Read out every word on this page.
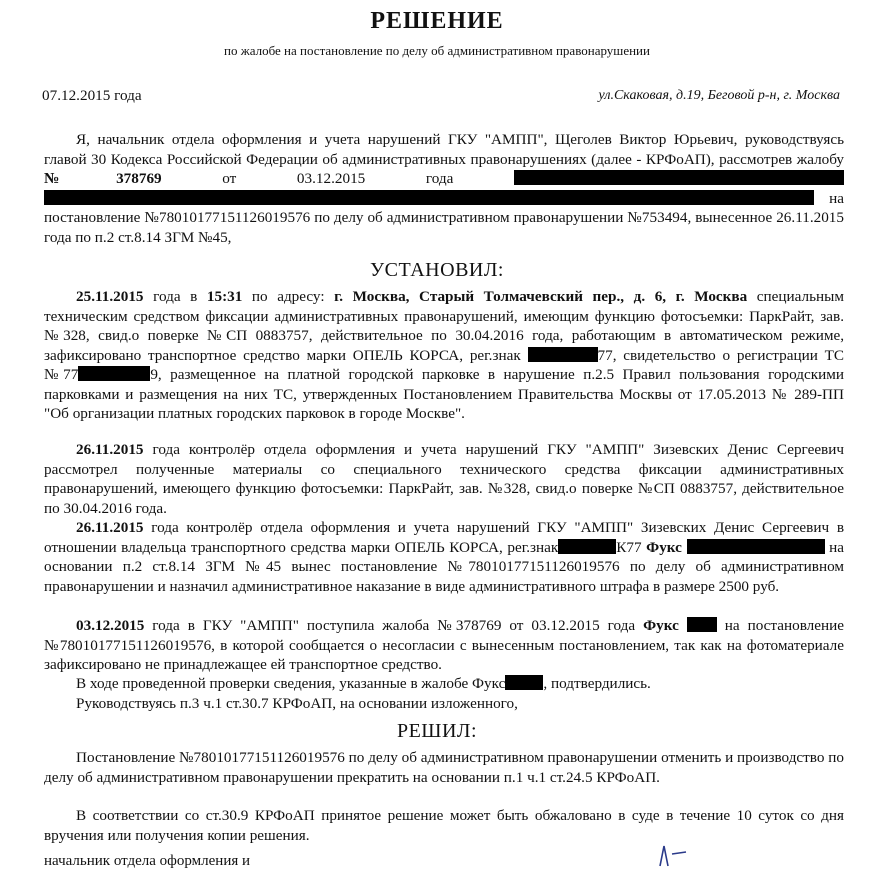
РЕШЕНИЕ
по жалобе на постановление по делу об административном правонарушении
07.12.2015 года	ул.Скаковая, д.19, Беговой р-н, г. Москва
Я, начальник отдела оформления и учета нарушений ГКУ "АМПП", Щеголев Виктор Юрьевич, руководствуясь главой 30 Кодекса Российской Федерации об административных правонарушениях (далее - КРФоАП), рассмотрев жалобу №378769 от 03.12.2015 года  на постановление №78010177151126019576 по делу об административном правонарушении №753494, вынесенное 26.11.2015 года по п.2 ст.8.14 ЗГМ №45,
УСТАНОВИЛ:
25.11.2015 года в 15:31 по адресу: г. Москва, Старый Толмачевский пер., д. 6, г. Москва специальным техническим средством фиксации административных правонарушений, имеющим функцию фотосъемки: ПаркРайт, зав. №328, свид.о поверке №СП 0883757, действительное по 30.04.2016 года, работающим в автоматическом режиме, зафиксировано транспортное средство марки ОПЕЛЬ КОРСА, рег.знак	77, свидетельство о регистрации ТС №77	9, размещенное на платной городской парковке в нарушение п.2.5 Правил пользования городскими парковками и размещения на них ТС, утвержденных Постановлением Правительства Москвы от 17.05.2013 № 289-ПП "Об организации платных городских парковок в городе Москве".
26.11.2015 года контролёр отдела оформления и учета нарушений ГКУ "АМПП" Зизевских Денис Сергеевич рассмотрел полученные материалы со специального технического средства фиксации административных правонарушений, имеющего функцию фотосъемки: ПаркРайт, зав. №328, свид.о поверке №СП 0883757, действительное по 30.04.2016 года.
26.11.2015 года контролёр отдела оформления и учета нарушений ГКУ "АМПП" Зизевских Денис Сергеевич в отношении владельца транспортного средства марки ОПЕЛЬ КОРСА, рег.знак	К77 Фукс	на основании п.2 ст.8.14 ЗГМ №45 вынес постановление №78010177151126019576 по делу об административном правонарушении и назначил административное наказание в виде административного штрафа в размере 2500 руб.
03.12.2015 года в ГКУ "АМПП" поступила жалоба №378769 от 03.12.2015 года Фукс  на постановление №78010177151126019576, в которой сообщается о несогласии с вынесенным постановлением, так как на фотоматериале зафиксировано не принадлежащее ей транспортное средство.
В ходе проведенной проверки сведения, указанные в жалобе Фукс	, подтвердились.
Руководствуясь п.3 ч.1 ст.30.7 КРФоАП, на основании изложенного,
РЕШИЛ:
Постановление №78010177151126019576 по делу об административном правонарушении отменить и производство по делу об административном правонарушении прекратить на основании п.1 ч.1 ст.24.5 КРФоАП.
В соответствии со ст.30.9 КРФоАП принятое решение может быть обжаловано в суде в течение 10 суток со дня вручения или получения копии решения.
начальник отдела оформления и
